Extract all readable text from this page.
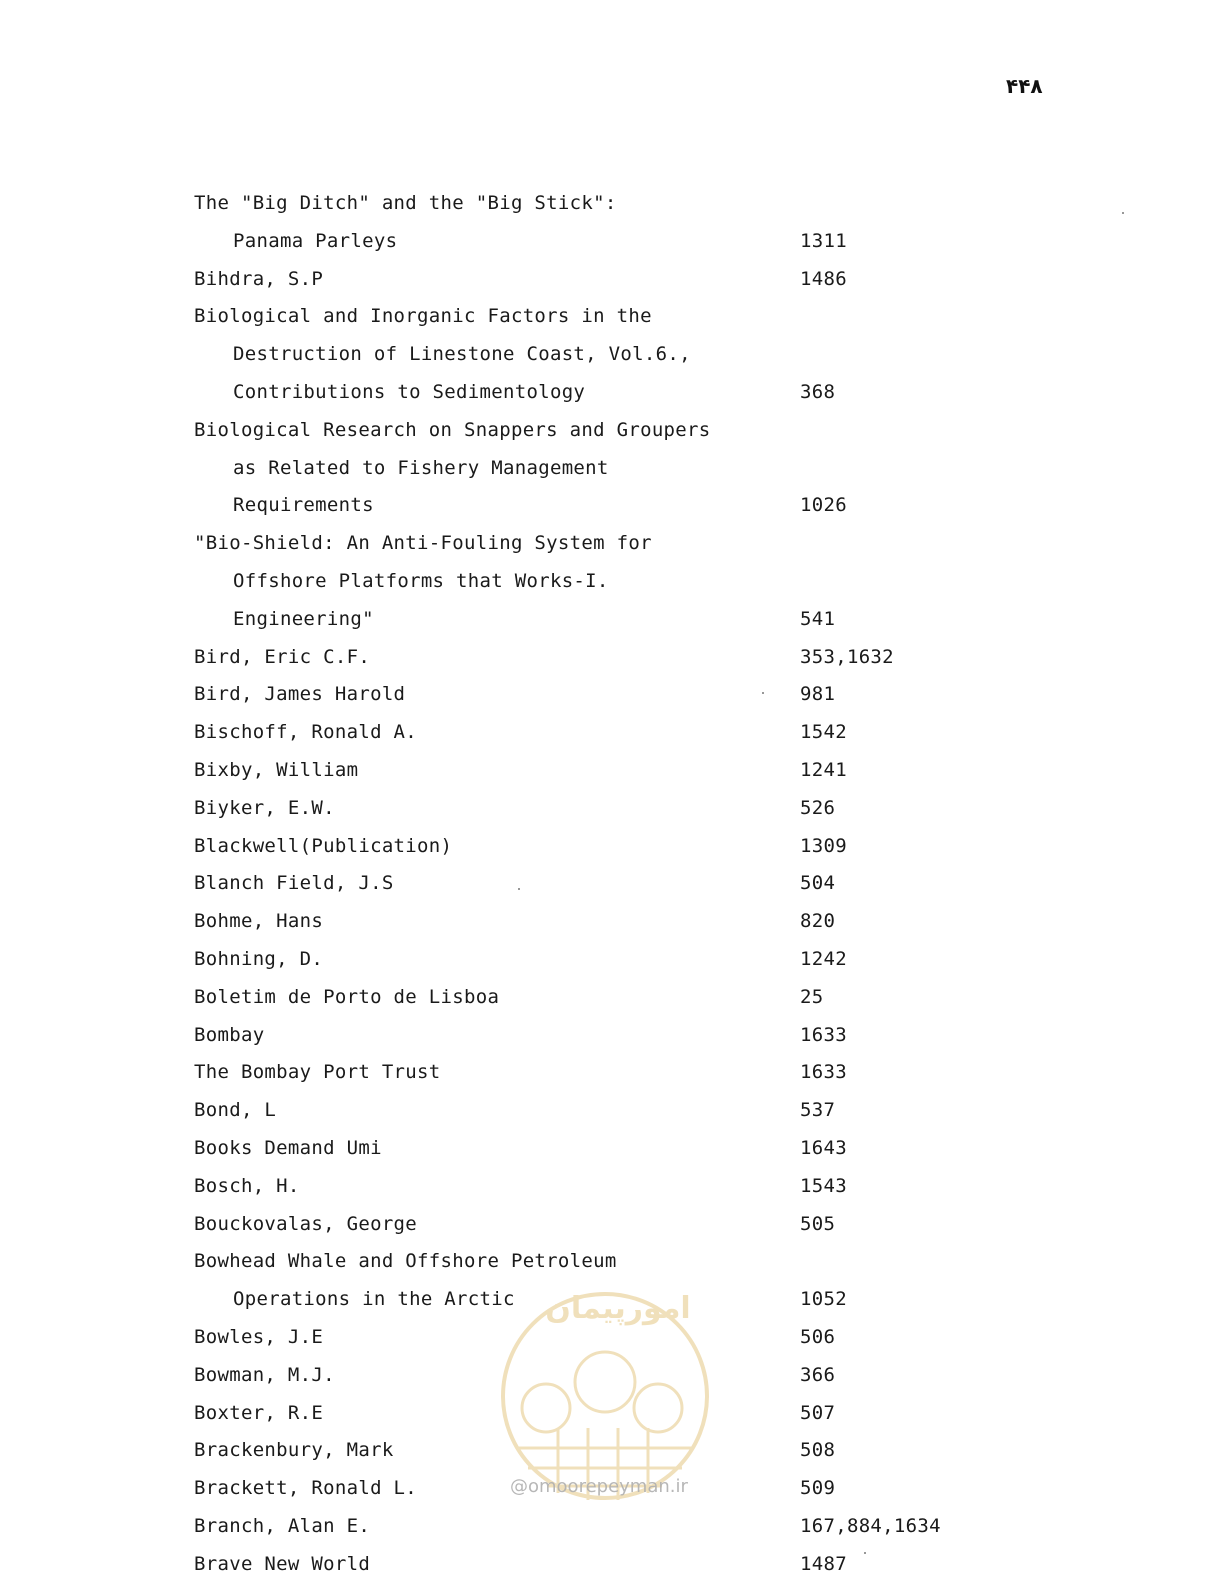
۴۴۸
The "Big Ditch" and the "Big Stick":
Panama Parleys	1311
Bihdra, S.P	1486
Biological and Inorganic Factors in the
Destruction of Linestone Coast, Vol.6.,
Contributions to Sedimentology	368
Biological Research on Snappers and Groupers
as Related to Fishery Management
Requirements	1026
"Bio-Shield: An Anti-Fouling System for
Offshore Platforms that Works-I.
Engineering"	541
Bird, Eric C.F.	353,1632
Bird, James Harold	981
Bischoff, Ronald A.	1542
Bixby, William	1241
Biyker, E.W.	526
Blackwell(Publication)	1309
Blanch Field, J.S	504
Bohme, Hans	820
Bohning, D.	1242
Boletim de Porto de Lisboa	25
Bombay	1633
The Bombay Port Trust	1633
Bond, L	537
Books Demand Umi	1643
Bosch, H.	1543
Bouckovalas, George	505
Bowhead Whale and Offshore Petroleum
Operations in the Arctic	1052
Bowles, J.E	506
Bowman, M.J.	366
Boxter, R.E	507
Brackenbury, Mark	508
Brackett, Ronald L.	509
Branch, Alan E.	167,884,1634
Brave New World	1487
امورپیمان
@omoorepeyman.ir
